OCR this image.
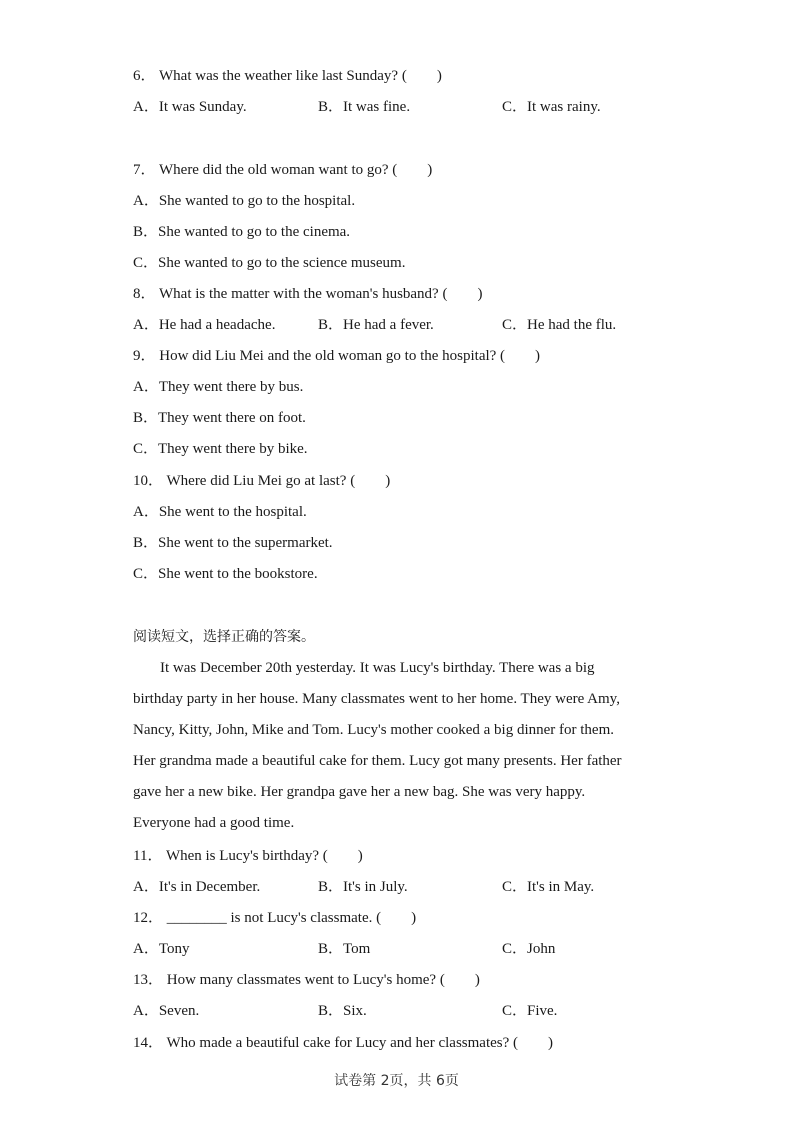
6． What was the weather like last Sunday? ( )
A．It was Sunday.	B．It was fine.	C．It was rainy.
7． Where did the old woman want to go? ( )
A．She wanted to go to the hospital.
B．She wanted to go to the cinema.
C．She wanted to go to the science museum.
8． What is the matter with the woman's husband? ( )
A．He had a headache.	B．He had a fever.	C．He had the flu.
9． How did Liu Mei and the old woman go to the hospital? ( )
A．They went there by bus.
B．They went there on foot.
C．They went there by bike.
10． Where did Liu Mei go at last? ( )
A．She went to the hospital.
B．She went to the supermarket.
C．She went to the bookstore.
阅读短文，选择正确的答案。
It was December 20th yesterday. It was Lucy's birthday. There was a big
birthday party in her house. Many classmates went to her home. They were Amy,
Nancy, Kitty, John, Mike and Tom. Lucy's mother cooked a big dinner for them.
Her grandma made a beautiful cake for them. Lucy got many presents. Her father
gave her a new bike. Her grandpa gave her a new bag. She was very happy.
Everyone had a good time.
11． When is Lucy's birthday? ( )
A．It's in December.	B．It's in July.	C．It's in May.
12． ________ is not Lucy's classmate. ( )
A．Tony	B．Tom	C．John
13． How many classmates went to Lucy's home? ( )
A．Seven.	B．Six.	C．Five.
14． Who made a beautiful cake for Lucy and her classmates? ( )
试卷第 2页，共 6页
